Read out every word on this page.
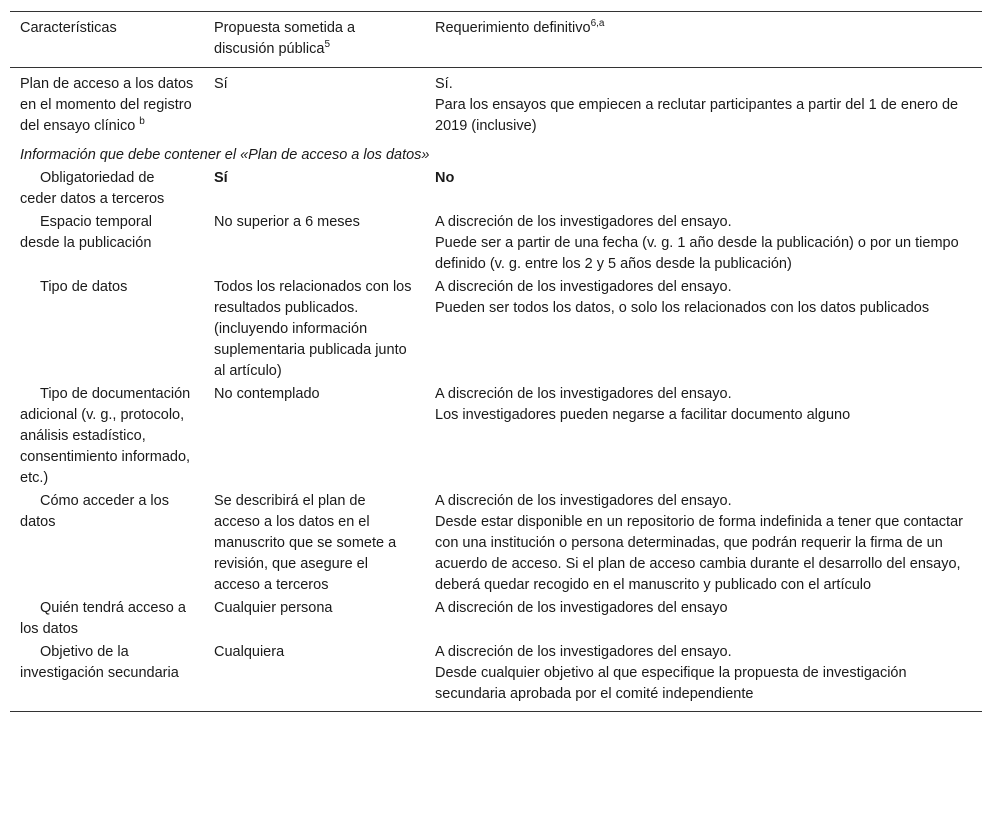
Características	Propuesta sometida a discusión pública$^5$	Requerimiento definitivo$^{6,a}$
Plan de acceso a los datos en el momento del registro del ensayo clínico $^b$	Sí	Sí.
Para los ensayos que empiecen a reclutar participantes a partir del 1 de enero de 2019 (inclusive)

Información que debe contener el «Plan de acceso a los datos»		
Obligatoriedad de ceder datos a terceros	Sí	No
Espacio temporal desde la publicación	No superior a 6 meses	A discreción de los investigadores del ensayo.
Puede ser a partir de una fecha (v. g. 1 año desde la publicación) o por un tiempo definido (v. g. entre los 2 y 5 años desde la publicación)

Tipo de datos	Todos los relacionados con los resultados publicados. (incluyendo información suplementaria publicada junto al artículo)	A discreción de los investigadores del ensayo.
Pueden ser todos los datos, o solo los relacionados con los datos publicados

Tipo de documentación adicional (v. g., protocolo, análisis estadístico, consentimiento informado, etc.)	No contemplado	A discreción de los investigadores del ensayo.
Los investigadores pueden negarse a facilitar documento alguno

Cómo acceder a los datos	Se describirá el plan de acceso a los datos en el manuscrito que se somete a revisión, que asegure el acceso a terceros	A discreción de los investigadores del ensayo.
Desde estar disponible en un repositorio de forma indefinida a tener que contactar con una institución o persona determinadas, que podrán requerir la firma de un acuerdo de acceso. Si el plan de acceso cambia durante el desarrollo del ensayo, deberá quedar recogido en el manuscrito y publicado con el artículo

Quién tendrá acceso a los datos	Cualquier persona	A discreción de los investigadores del ensayo
Objetivo de la investigación secundaria	Cualquiera	A discreción de los investigadores del ensayo.
Desde cualquier objetivo al que especifique la propuesta de investigación secundaria aprobada por el comité independiente
